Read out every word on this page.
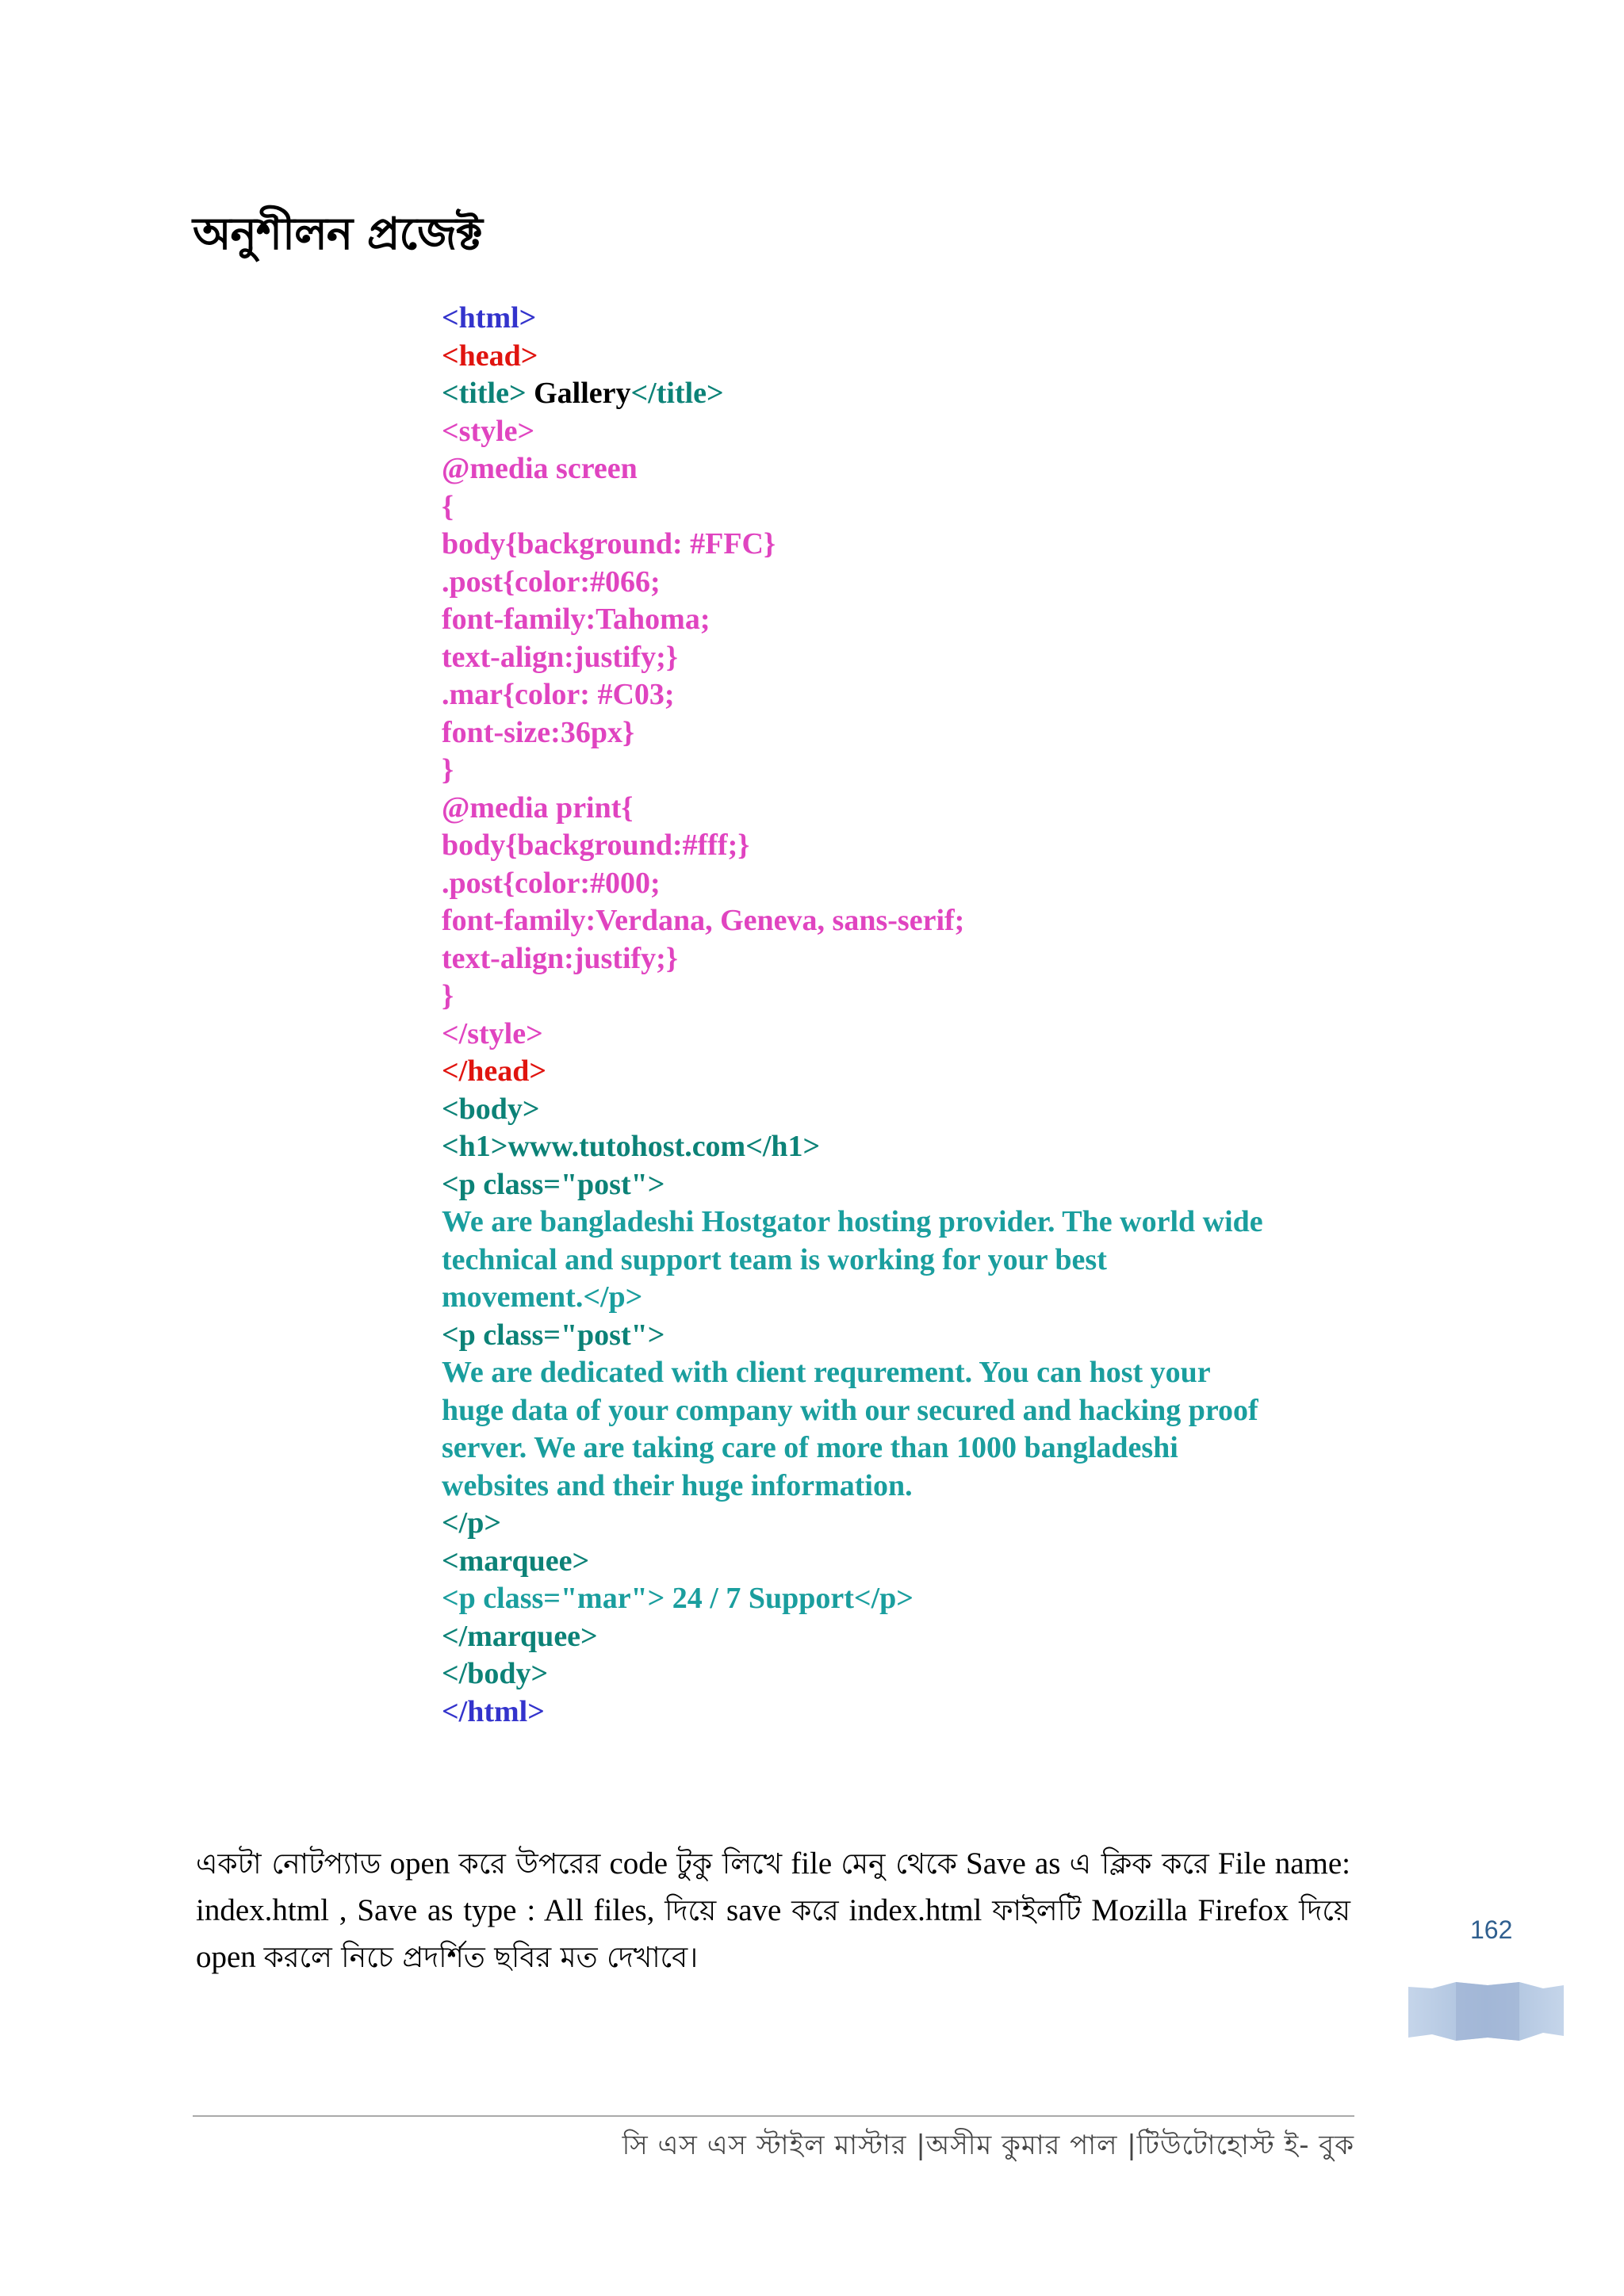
অনুশীলন প্রজেক্ট
<html>
<head>
<title> Gallery</title>
<style>
@media screen
{
body{background: #FFC}
.post{color:#066;
font-family:Tahoma;
text-align:justify;}
.mar{color: #C03;
font-size:36px}
}
@media print{
body{background:#fff;}
.post{color:#000;
font-family:Verdana, Geneva, sans-serif;
text-align:justify;}
}
</style>
</head>
<body>
<h1>www.tutohost.com</h1>
<p class="post">
We are bangladeshi Hostgator hosting provider. The world wide
technical and support team is working for your best
movement.</p>
<p class="post">
We are dedicated with client requrement. You can host your
huge data of your company with our secured and hacking proof
server. We are taking care of more than 1000 bangladeshi
websites and their huge information.
</p>
<marquee>
<p class="mar"> 24 / 7 Support</p>
</marquee>
</body>
</html>

একটা নোটপ্যাড open করে উপরের code টুকু লিখে file মেনু থেকে Save as এ ক্লিক করে File name: index.html , Save as type : All files, দিয়ে save করে index.html ফাইলটি Mozilla Firefox দিয়ে open করলে নিচে প্রদর্শিত ছবির মত দেখাবে।

162
সি এস এস স্টাইল মাস্টার |অসীম কুমার পাল |টিউটোহোস্ট ই- বুক
